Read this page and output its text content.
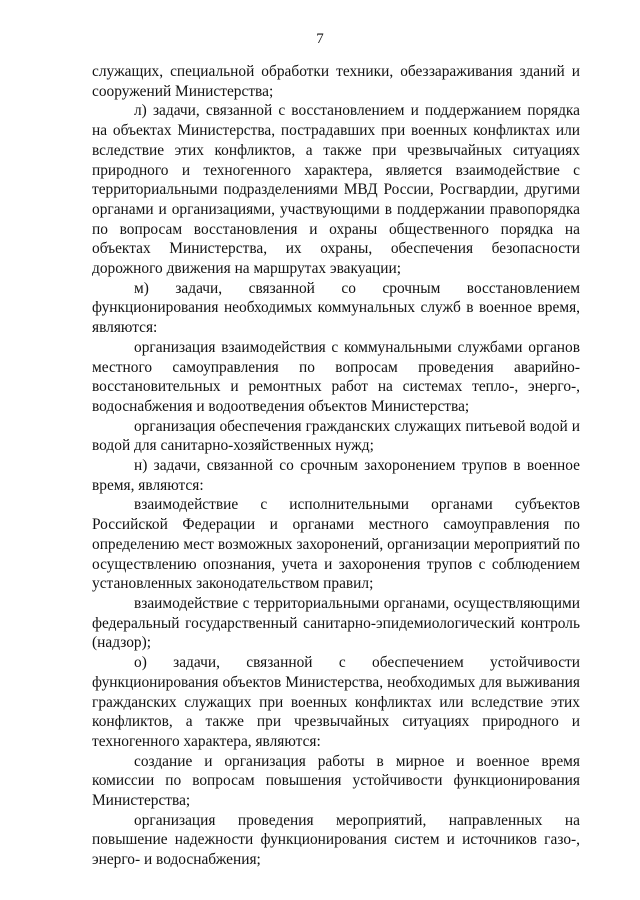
7

служащих, специальной обработки техники, обеззараживания зданий и сооружений Министерства;

л) задачи, связанной с восстановлением и поддержанием порядка на объектах Министерства, пострадавших при военных конфликтах или вследствие этих конфликтов, а также при чрезвычайных ситуациях природного и техногенного характера, является взаимодействие с территориальными подразделениями МВД России, Росгвардии, другими органами и организациями, участвующими в поддержании правопорядка по вопросам восстановления и охраны общественного порядка на объектах Министерства, их охраны, обеспечения безопасности дорожного движения на маршрутах эвакуации;

м) задачи, связанной со срочным восстановлением функционирования необходимых коммунальных служб в военное время, являются:

организация взаимодействия с коммунальными службами органов местного самоуправления по вопросам проведения аварийно-восстановительных и ремонтных работ на системах тепло-, энерго-, водоснабжения и водоотведения объектов Министерства;

организация обеспечения гражданских служащих питьевой водой и водой для санитарно-хозяйственных нужд;

н) задачи, связанной со срочным захоронением трупов в военное время, являются:

взаимодействие с исполнительными органами субъектов Российской Федерации и органами местного самоуправления по определению мест возможных захоронений, организации мероприятий по осуществлению опознания, учета и захоронения трупов с соблюдением установленных законодательством правил;

взаимодействие с территориальными органами, осуществляющими федеральный государственный санитарно-эпидемиологический контроль (надзор);

о) задачи, связанной с обеспечением устойчивости функционирования объектов Министерства, необходимых для выживания гражданских служащих при военных конфликтах или вследствие этих конфликтов, а также при чрезвычайных ситуациях природного и техногенного характера, являются:

создание и организация работы в мирное и военное время комиссии по вопросам повышения устойчивости функционирования Министерства;

организация проведения мероприятий, направленных на повышение надежности функционирования систем и источников газо-, энерго- и водоснабжения;
